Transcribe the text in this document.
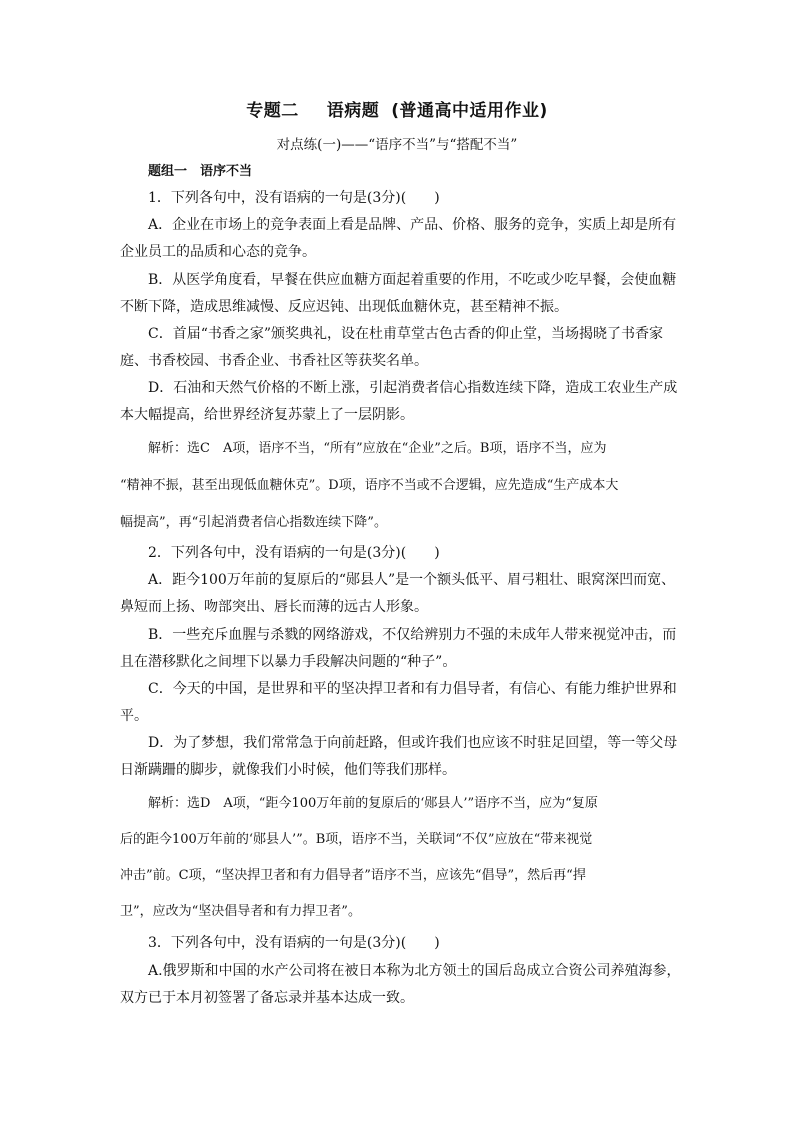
专题二 语病题 (普通高中适用作业)
对点练(一)——“语序不当”与“搭配不当”
题组一　语序不当
1．下列各句中，没有语病的一句是(3分)(　　)
A．企业在市场上的竞争表面上看是品牌、产品、价格、服务的竞争，实质上却是所有
企业员工的品质和心态的竞争。
B．从医学角度看，早餐在供应血糖方面起着重要的作用，不吃或少吃早餐，会使血糖
不断下降，造成思维减慢、反应迟钝、出现低血糖休克，甚至精神不振。
C．首届“书香之家”颁奖典礼，设在杜甫草堂古色古香的仰止堂，当场揭晓了书香家
庭、书香校园、书香企业、书香社区等获奖名单。
D．石油和天然气价格的不断上涨，引起消费者信心指数连续下降，造成工农业生产成
本大幅提高，给世界经济复苏蒙上了一层阴影。
解析：选C　A项，语序不当，“所有”应放在“企业”之后。B项，语序不当，应为
“精神不振，甚至出现低血糖休克”。D项，语序不当或不合逻辑，应先造成“生产成本大
幅提高”，再“引起消费者信心指数连续下降”。
2．下列各句中，没有语病的一句是(3分)(　　)
A．距今100万年前的复原后的“郧县人”是一个额头低平、眉弓粗壮、眼窝深凹而宽、
鼻短而上扬、吻部突出、唇长而薄的远古人形象。
B．一些充斥血腥与杀戮的网络游戏，不仅给辨别力不强的未成年人带来视觉冲击，而
且在潜移默化之间埋下以暴力手段解决问题的“种子”。
C．今天的中国，是世界和平的坚决捍卫者和有力倡导者，有信心、有能力维护世界和
平。
D．为了梦想，我们常常急于向前赶路，但或许我们也应该不时驻足回望，等一等父母
日渐蹒跚的脚步，就像我们小时候，他们等我们那样。
解析：选D　A项，“距今100万年前的复原后的‘郧县人’”语序不当，应为“复原
后的距今100万年前的‘郧县人’”。B项，语序不当，关联词“不仅”应放在“带来视觉
冲击”前。C项，“坚决捍卫者和有力倡导者”语序不当，应该先“倡导”，然后再“捍
卫”，应改为“坚决倡导者和有力捍卫者”。
3．下列各句中，没有语病的一句是(3分)(　　)
A.俄罗斯和中国的水产公司将在被日本称为北方领土的国后岛成立合资公司养殖海参，
双方已于本月初签署了备忘录并基本达成一致。
